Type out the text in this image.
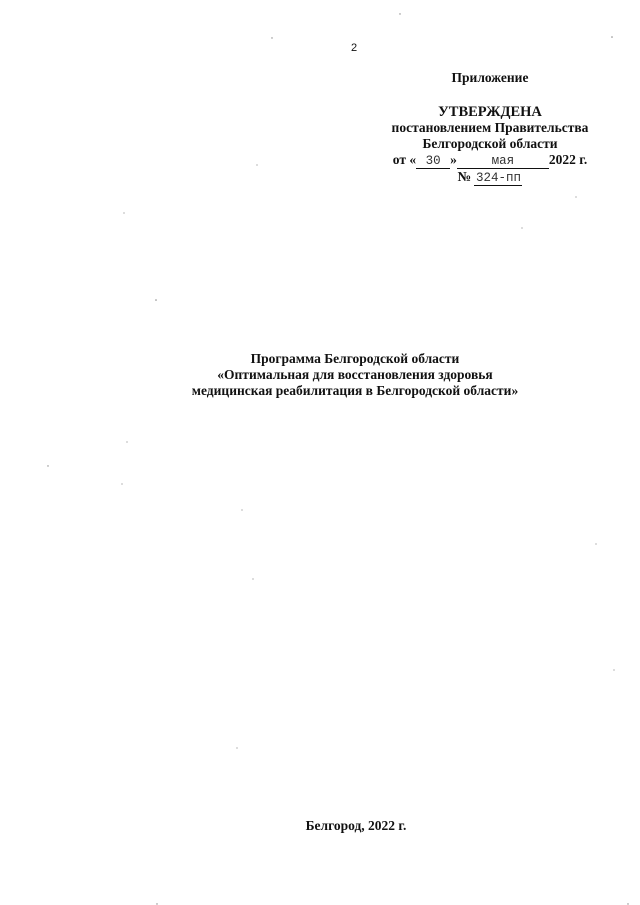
2
Приложение
УТВЕРЖДЕНА
постановлением Правительства
Белгородской области
от « 30 »	мая	2022 г.
№ 324-пп
Программа Белгородской области
«Оптимальная для восстановления здоровья
медицинская реабилитация в Белгородской области»
Белгород, 2022 г.
